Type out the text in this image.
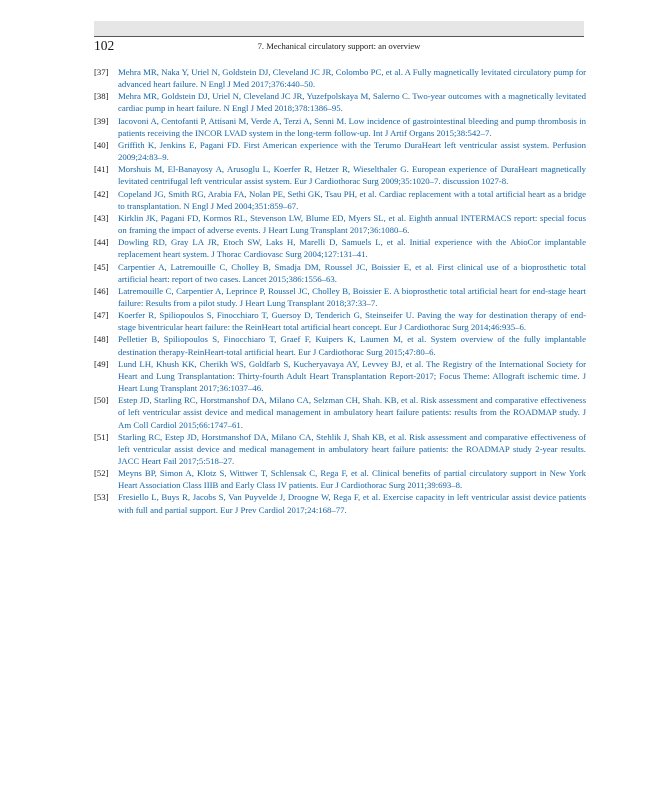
102	7. Mechanical circulatory support: an overview
[37] Mehra MR, Naka Y, Uriel N, Goldstein DJ, Cleveland JC JR, Colombo PC, et al. A Fully magnetically levitated circulatory pump for advanced heart failure. N Engl J Med 2017;376:440–50.
[38] Mehra MR, Goldstein DJ, Uriel N, Cleveland JC JR, Yuzefpolskaya M, Salerno C. Two-year outcomes with a magnetically levitated cardiac pump in heart failure. N Engl J Med 2018;378:1386–95.
[39] Iacovoni A, Centofanti P, Attisani M, Verde A, Terzi A, Senni M. Low incidence of gastrointestinal bleeding and pump thrombosis in patients receiving the INCOR LVAD system in the long-term follow-up. Int J Artif Organs 2015;38:542–7.
[40] Griffith K, Jenkins E, Pagani FD. First American experience with the Terumo DuraHeart left ventricular assist system. Perfusion 2009;24:83–9.
[41] Morshuis M, El-Banayosy A, Arusoglu L, Koerfer R, Hetzer R, Wieselthaler G. European experience of DuraHeart magnetically levitated centrifugal left ventricular assist system. Eur J Cardiothorac Surg 2009;35:1020–7. discussion 1027-8.
[42] Copeland JG, Smith RG, Arabia FA, Nolan PE, Sethi GK, Tsau PH, et al. Cardiac replacement with a total artificial heart as a bridge to transplantation. N Engl J Med 2004;351:859–67.
[43] Kirklin JK, Pagani FD, Kormos RL, Stevenson LW, Blume ED, Myers SL, et al. Eighth annual INTERMACS report: special focus on framing the impact of adverse events. J Heart Lung Transplant 2017;36:1080–6.
[44] Dowling RD, Gray LA JR, Etoch SW, Laks H, Marelli D, Samuels L, et al. Initial experience with the AbioCor implantable replacement heart system. J Thorac Cardiovasc Surg 2004;127:131–41.
[45] Carpentier A, Latremouille C, Cholley B, Smadja DM, Roussel JC, Boissier E, et al. First clinical use of a bioprosthetic total artificial heart: report of two cases. Lancet 2015;386:1556–63.
[46] Latremouille C, Carpentier A, Leprince P, Roussel JC, Cholley B, Boissier E. A bioprosthetic total artificial heart for end-stage heart failure: Results from a pilot study. J Heart Lung Transplant 2018;37:33–7.
[47] Koerfer R, Spiliopoulos S, Finocchiaro T, Guersoy D, Tenderich G, Steinseifer U. Paving the way for destination therapy of end-stage biventricular heart failure: the ReinHeart total artificial heart concept. Eur J Cardiothorac Surg 2014;46:935–6.
[48] Pelletier B, Spiliopoulos S, Finocchiaro T, Graef F, Kuipers K, Laumen M, et al. System overview of the fully implantable destination therapy-ReinHeart-total artificial heart. Eur J Cardiothorac Surg 2015;47:80–6.
[49] Lund LH, Khush KK, Cherikh WS, Goldfarb S, Kucheryavaya AY, Levvey BJ, et al. The Registry of the International Society for Heart and Lung Transplantation: Thirty-fourth Adult Heart Transplantation Report-2017; Focus Theme: Allograft ischemic time. J Heart Lung Transplant 2017;36:1037–46.
[50] Estep JD, Starling RC, Horstmanshof DA, Milano CA, Selzman CH, Shah. KB, et al. Risk assessment and comparative effectiveness of left ventricular assist device and medical management in ambulatory heart failure patients: results from the ROADMAP study. J Am Coll Cardiol 2015;66:1747–61.
[51] Starling RC, Estep JD, Horstmanshof DA, Milano CA, Stehlik J, Shah KB, et al. Risk assessment and comparative effectiveness of left ventricular assist device and medical management in ambulatory heart failure patients: the ROADMAP study 2-year results. JACC Heart Fail 2017;5:518–27.
[52] Meyns BP, Simon A, Klotz S, Wittwer T, Schlensak C, Rega F, et al. Clinical benefits of partial circulatory support in New York Heart Association Class IIIB and Early Class IV patients. Eur J Cardiothorac Surg 2011;39:693–8.
[53] Fresiello L, Buys R, Jacobs S, Van Puyvelde J, Droogne W, Rega F, et al. Exercise capacity in left ventricular assist device patients with full and partial support. Eur J Prev Cardiol 2017;24:168–77.
